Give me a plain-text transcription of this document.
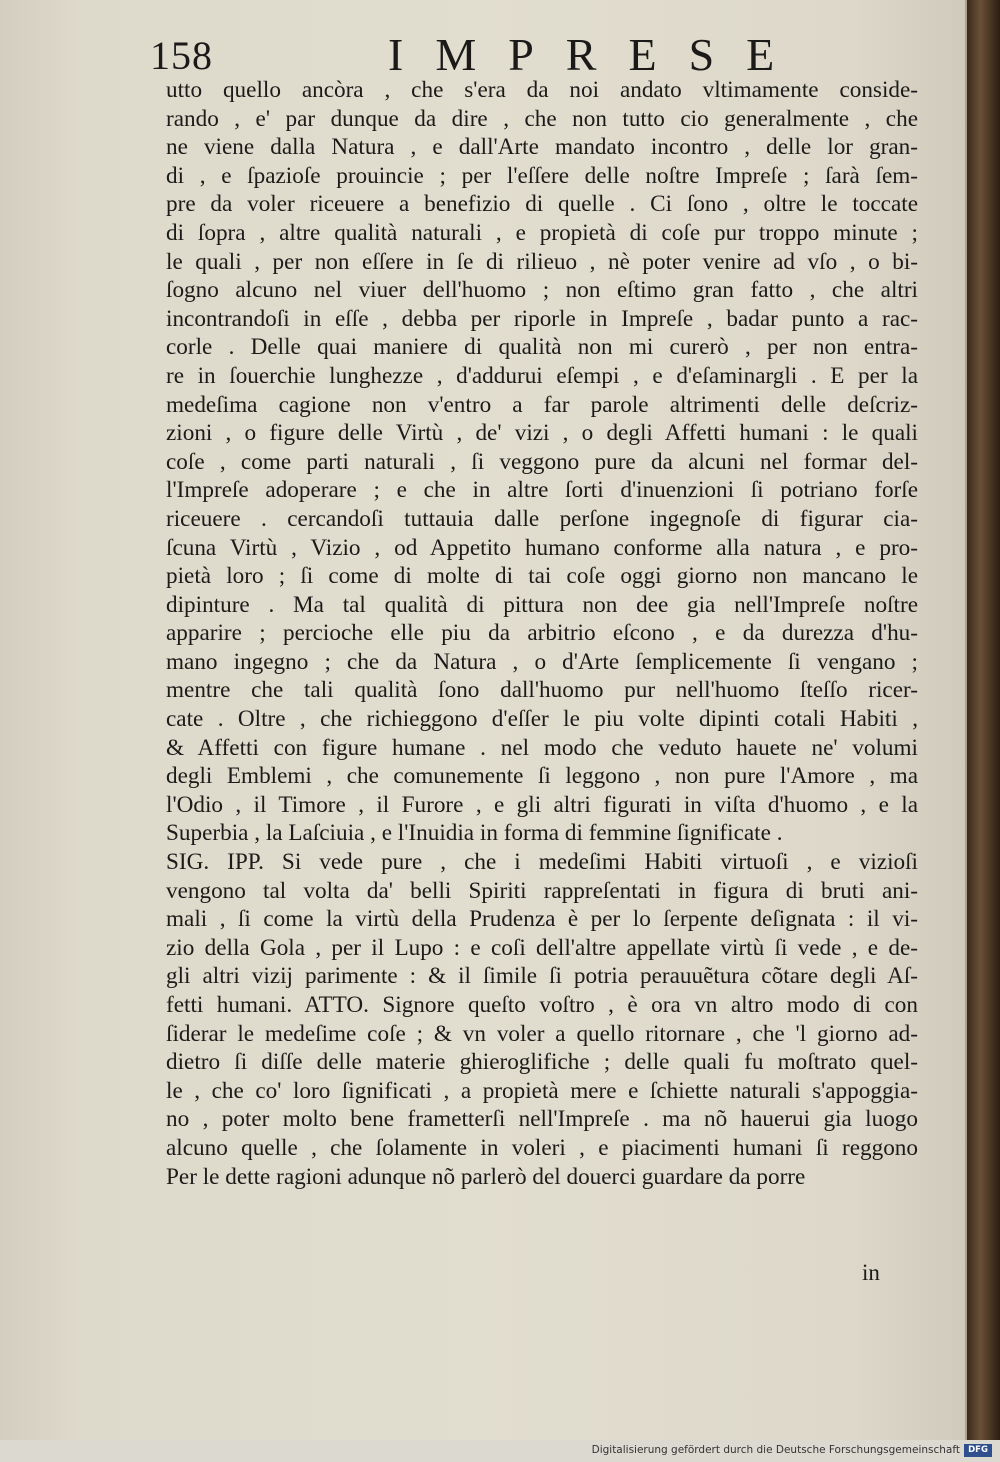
158	IMPRESE
utto quello ancòra , che s'era da noi andato vltimamente conside-
rando , e' par dunque da dire , che non tutto cio generalmente , che
ne viene dalla Natura , e dall'Arte mandato incontro , delle lor gran-
di , e ſpazioſe prouincie ; per l'eſſere delle noſtre Impreſe ; ſarà ſem-
pre da voler riceuere a benefizio di quelle . Ci ſono , oltre le toccate
di ſopra , altre qualità naturali , e propietà di coſe pur troppo minute ;
le quali , per non eſſere in ſe di rilieuo , nè poter venire ad vſo , o bi-
ſogno alcuno nel viuer dell'huomo ; non eſtimo gran fatto , che altri
incontrandoſi in eſſe , debba per riporle in Impreſe , badar punto a rac-
corle . Delle quai maniere di qualità non mi curerò , per non entra-
re in ſouerchie lunghezze , d'addurui eſempi , e d'eſaminargli . E per la
medeſima cagione non v'entro a far parole altrimenti delle deſcriz-
zioni , o figure delle Virtù , de' vizi , o degli Affetti humani : le quali
coſe , come parti naturali , ſi veggono pure da alcuni nel formar del-
l'Impreſe adoperare ; e che in altre ſorti d'inuenzioni ſi potriano forſe
riceuere . cercandoſi tuttauia dalle perſone ingegnoſe di figurar cia-
ſcuna Virtù , Vizio , od Appetito humano conforme alla natura , e pro-
pietà loro ; ſi come di molte di tai coſe oggi giorno non mancano le
dipinture . Ma tal qualità di pittura non dee gia nell'Impreſe noſtre
apparire ; percioche elle piu da arbitrio eſcono , e da durezza d'hu-
mano ingegno ; che da Natura , o d'Arte ſemplicemente ſi vengano ;
mentre che tali qualità ſono dall'huomo pur nell'huomo ſteſſo ricer-
cate . Oltre , che richieggono d'eſſer le piu volte dipinti cotali Habiti ,
& Affetti con figure humane . nel modo che veduto hauete ne' volumi
degli Emblemi , che comunemente ſi leggono , non pure l'Amore , ma
l'Odio , il Timore , il Furore , e gli altri figurati in viſta d'huomo , e la
Superbia , la Laſciuia , e l'Inuidia in forma di femmine ſignificate .
SIG. IPP. Si vede pure , che i medeſimi Habiti virtuoſi , e vizioſi
vengono tal volta da' belli Spiriti rappreſentati in figura di bruti ani-
mali , ſi come la virtù della Prudenza è per lo ſerpente deſignata : il vi-
zio della Gola , per il Lupo : e coſi dell'altre appellate virtù ſi vede , e de-
gli altri vizij parimente : & il ſimile ſi potria perauuẽtura cõtare degli Aſ-
fetti humani. ATTO. Signore queſto voſtro , è ora vn altro modo di con
ſiderar le medeſime coſe ; & vn voler a quello ritornare , che 'l giorno ad-
dietro ſi diſſe delle materie ghieroglifiche ; delle quali fu moſtrato quel-
le , che co' loro ſignificati , a propietà mere e ſchiette naturali s'appoggia-
no , poter molto bene frametterſi nell'Impreſe . ma nõ hauerui gia luogo
alcuno quelle , che ſolamente in voleri , e piacimenti humani ſi reggono
Per le dette ragioni adunque nõ parlerò del douerci guardare da porre
in
Digitalisierung gefördert durch die Deutsche Forschungsgemeinschaft DFG
